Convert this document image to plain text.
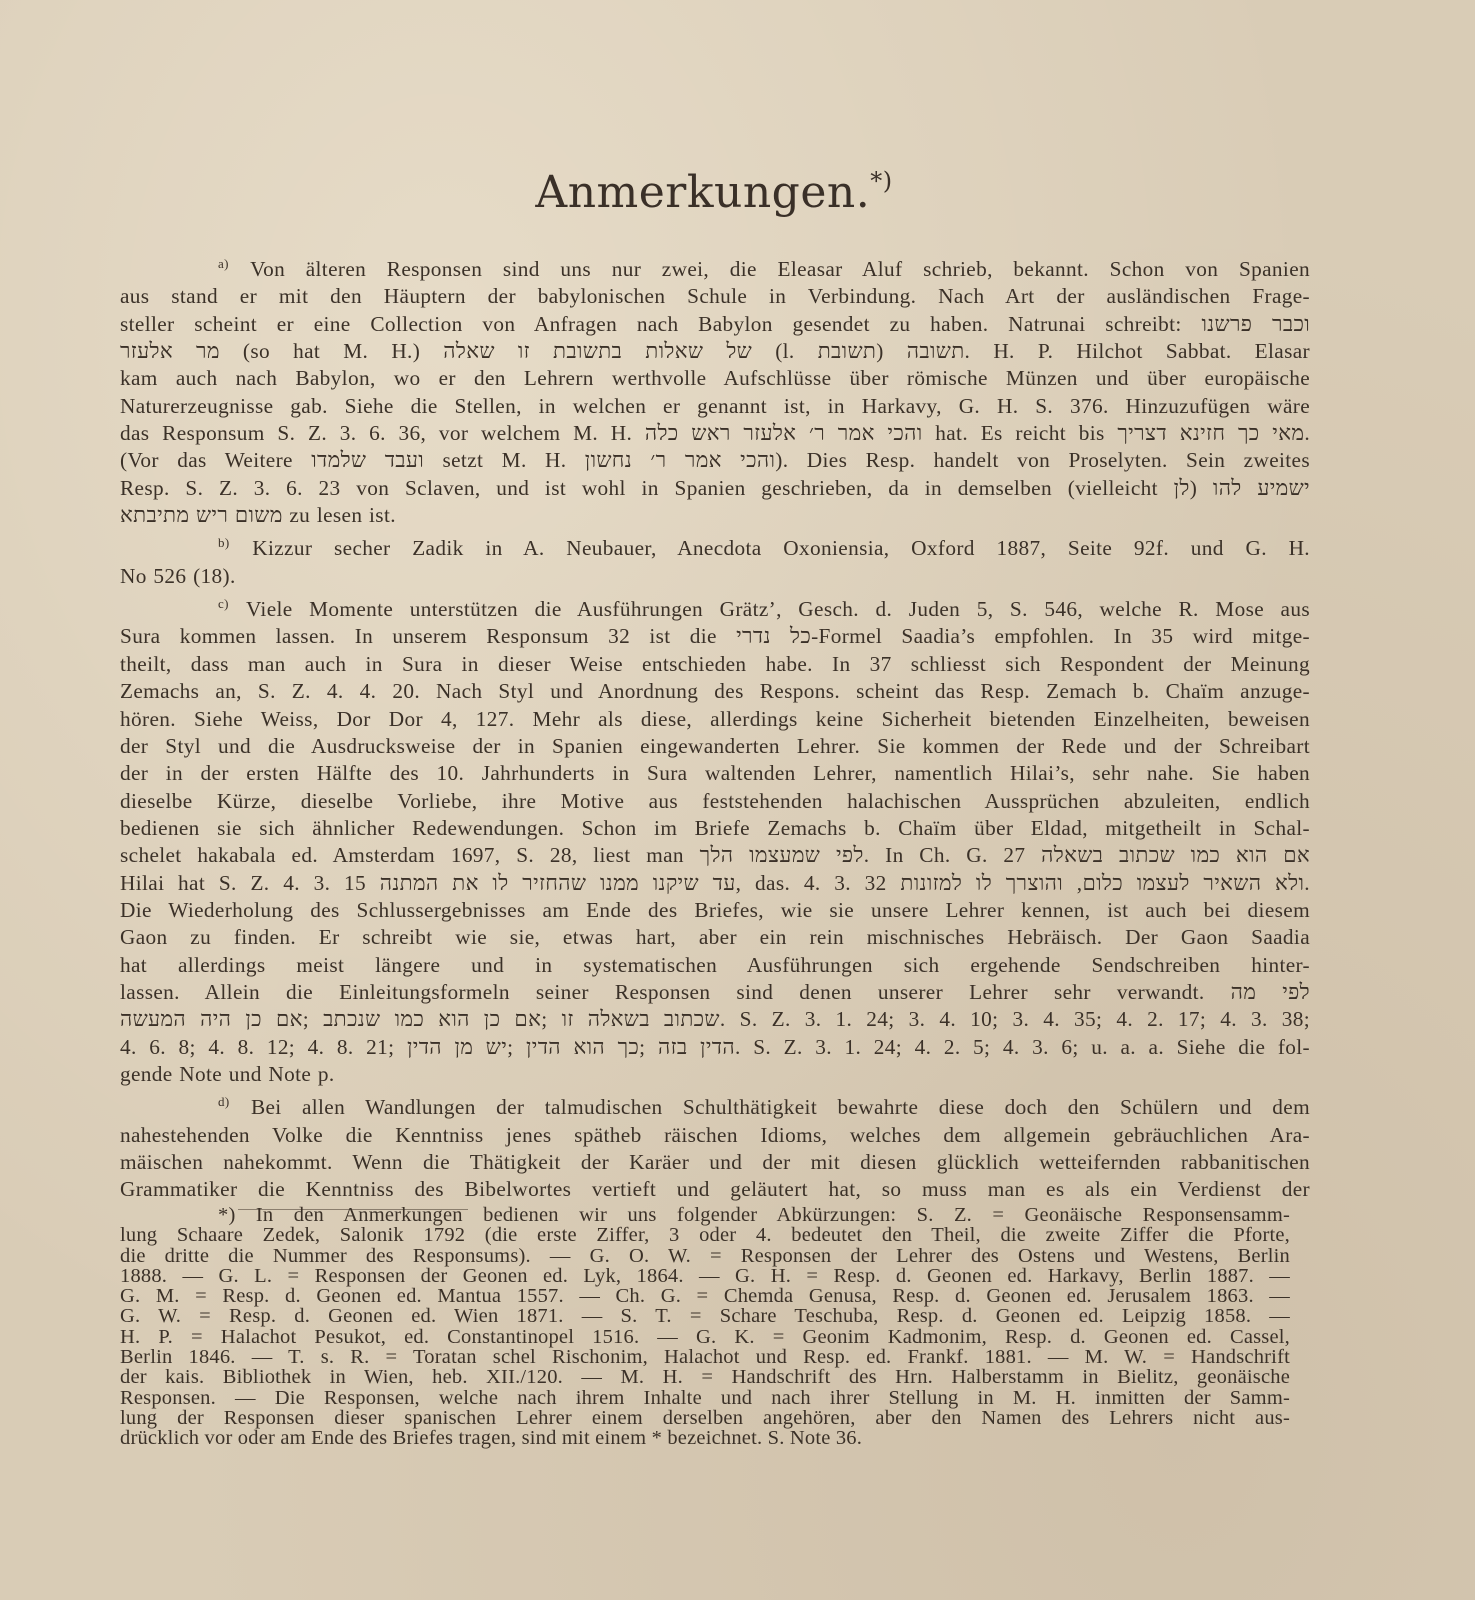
Anmerkungen.*)
$^{a)}$ Von älteren Responsen sind uns nur zwei, die Eleasar Aluf schrieb, bekannt. Schon von Spanien
aus stand er mit den Häuptern der babylonischen Schule in Verbindung. Nach Art der ausländischen Frage-
steller scheint er eine Collection von Anfragen nach Babylon gesendet zu haben. Natrunai schreibt: וכבר פרשנו
מר אלעזר (so hat M. H.) של שאלות בתשובת זו שאלה (l. תשובת) תשובה. H. P. Hilchot Sabbat. Elasar
kam auch nach Babylon, wo er den Lehrern werthvolle Aufschlüsse über römische Münzen und über europäische
Naturerzeugnisse gab. Siehe die Stellen, in welchen er genannt ist, in Harkavy, G. H. S. 376. Hinzuzufügen wäre
das Responsum S. Z. 3. 6. 36, vor welchem M. H. והכי אמר ר׳ אלעזר ראש כלה hat. Es reicht bis מאי כך חזינא דצריך.
(Vor das Weitere ועבד שלמדו setzt M. H. והכי אמר ר׳ נחשון). Dies Resp. handelt von Proselyten. Sein zweites
Resp. S. Z. 3. 6. 23 von Sclaven, und ist wohl in Spanien geschrieben, da in demselben (vielleicht לן) ישמיע להו
משום ריש מתיבתא zu lesen ist.
$^{b)}$ Kizzur secher Zadik in A. Neubauer, Anecdota Oxoniensia, Oxford 1887, Seite 92f. und G. H.
No 526 (18).
$^{c)}$ Viele Momente unterstützen die Ausführungen Grätz’, Gesch. d. Juden 5, S. 546, welche R. Mose aus
Sura kommen lassen. In unserem Responsum 32 ist die כל נדרי-Formel Saadia’s empfohlen. In 35 wird mitge-
theilt, dass man auch in Sura in dieser Weise entschieden habe. In 37 schliesst sich Respondent der Meinung
Zemachs an, S. Z. 4. 4. 20. Nach Styl und Anordnung des Respons. scheint das Resp. Zemach b. Chaïm anzuge-
hören. Siehe Weiss, Dor Dor 4, 127. Mehr als diese, allerdings keine Sicherheit bietenden Einzelheiten, beweisen
der Styl und die Ausdrucksweise der in Spanien eingewanderten Lehrer. Sie kommen der Rede und der Schreibart
der in der ersten Hälfte des 10. Jahrhunderts in Sura waltenden Lehrer, namentlich Hilai’s, sehr nahe. Sie haben
dieselbe Kürze, dieselbe Vorliebe, ihre Motive aus feststehenden halachischen Aussprüchen abzuleiten, endlich
bedienen sie sich ähnlicher Redewendungen. Schon im Briefe Zemachs b. Chaïm über Eldad, mitgetheilt in Schal-
schelet hakabala ed. Amsterdam 1697, S. 28, liest man לפי שמעצמו הלך. In Ch. G. 27 אם הוא כמו שכתוב בשאלה
Hilai hat S. Z. 4. 3. 15 עד שיקנו ממנו שהחזיר לו את המתנה, das. 4. 3. 32 ולא השאיר לעצמו כלום, והוצרך לו למזונות.
Die Wiederholung des Schlussergebnisses am Ende des Briefes, wie sie unsere Lehrer kennen, ist auch bei diesem
Gaon zu finden. Er schreibt wie sie, etwas hart, aber ein rein mischnisches Hebräisch. Der Gaon Saadia
hat allerdings meist längere und in systematischen Ausführungen sich ergehende Sendschreiben hinter-
lassen. Allein die Einleitungsformeln seiner Responsen sind denen unserer Lehrer sehr verwandt. לפי מה
שכתוב בשאלה זו ;אם כן הוא כמו שנכתב ;אם כן היה המעשה. S. Z. 3. 1. 24; 3. 4. 10; 3. 4. 35; 4. 2. 17; 4. 3. 38;
4. 6. 8; 4. 8. 12; 4. 8. 21; הדין בזה ;כך הוא הדין ;יש מן הדין. S. Z. 3. 1. 24; 4. 2. 5; 4. 3. 6; u. a. a. Siehe die fol-
gende Note und Note p.
$^{d)}$ Bei allen Wandlungen der talmudischen Schulthätigkeit bewahrte diese doch den Schülern und dem
nahestehenden Volke die Kenntniss jenes spätheb räischen Idioms, welches dem allgemein gebräuchlichen Ara-
mäischen nahekommt. Wenn die Thätigkeit der Karäer und der mit diesen glücklich wetteifernden rabbanitischen
Grammatiker die Kenntniss des Bibelwortes vertieft und geläutert hat, so muss man es als ein Verdienst der
*) In den Anmerkungen bedienen wir uns folgender Abkürzungen: S. Z. = Geonäische Responsensamm-
lung Schaare Zedek, Salonik 1792 (die erste Ziffer, 3 oder 4. bedeutet den Theil, die zweite Ziffer die Pforte,
die dritte die Nummer des Responsums). — G. O. W. = Responsen der Lehrer des Ostens und Westens, Berlin
1888. — G. L. = Responsen der Geonen ed. Lyk, 1864. — G. H. = Resp. d. Geonen ed. Harkavy, Berlin 1887. —
G. M. = Resp. d. Geonen ed. Mantua 1557. — Ch. G. = Chemda Genusa, Resp. d. Geonen ed. Jerusalem 1863. —
G. W. = Resp. d. Geonen ed. Wien 1871. — S. T. = Schare Teschuba, Resp. d. Geonen ed. Leipzig 1858. —
H. P. = Halachot Pesukot, ed. Constantinopel 1516. — G. K. = Geonim Kadmonim, Resp. d. Geonen ed. Cassel,
Berlin 1846. — T. s. R. = Toratan schel Rischonim, Halachot und Resp. ed. Frankf. 1881. — M. W. = Handschrift
der kais. Bibliothek in Wien, heb. XII./120. — M. H. = Handschrift des Hrn. Halberstamm in Bielitz, geonäische
Responsen. — Die Responsen, welche nach ihrem Inhalte und nach ihrer Stellung in M. H. inmitten der Samm-
lung der Responsen dieser spanischen Lehrer einem derselben angehören, aber den Namen des Lehrers nicht aus-
drücklich vor oder am Ende des Briefes tragen, sind mit einem * bezeichnet. S. Note 36.
